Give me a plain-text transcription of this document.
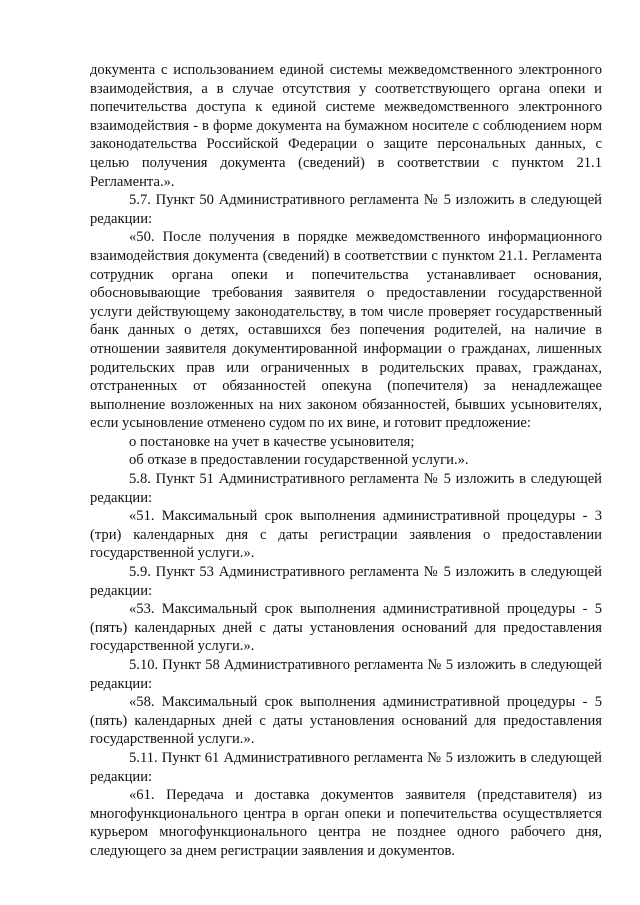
документа с использованием единой системы межведомственного электронного взаимодействия, а в случае отсутствия у соответствующего органа опеки и попечительства доступа к единой системе межведомственного электронного взаимодействия - в форме документа на бумажном носителе с соблюдением норм законодательства Российской Федерации о защите персональных данных, с целью получения документа (сведений) в соответствии с пунктом 21.1 Регламента.».

5.7. Пункт 50 Административного регламента № 5 изложить в следующей редакции:

«50. После получения в порядке межведомственного информационного взаимодействия документа (сведений) в соответствии с пунктом 21.1. Регламента сотрудник органа опеки и попечительства устанавливает основания, обосновывающие требования заявителя о предоставлении государственной услуги действующему законодательству, в том числе проверяет государственный банк данных о детях, оставшихся без попечения родителей, на наличие в отношении заявителя документированной информации о гражданах, лишенных родительских прав или ограниченных в родительских правах, гражданах, отстраненных от обязанностей опекуна (попечителя) за ненадлежащее выполнение возложенных на них законом обязанностей, бывших усыновителях, если усыновление отменено судом по их вине, и готовит предложение:

о постановке на учет в качестве усыновителя;

об отказе в предоставлении государственной услуги.».

5.8. Пункт 51 Административного регламента № 5 изложить в следующей редакции:

«51. Максимальный срок выполнения административной процедуры - 3 (три) календарных дня с даты регистрации заявления о предоставлении государственной услуги.».

5.9. Пункт 53 Административного регламента № 5 изложить в следующей редакции:

«53. Максимальный срок выполнения административной процедуры - 5 (пять) календарных дней с даты установления оснований для предоставления государственной услуги.».

5.10. Пункт 58 Административного регламента № 5 изложить в следующей редакции:

«58. Максимальный срок выполнения административной процедуры - 5 (пять) календарных дней с даты установления оснований для предоставления государственной услуги.».

5.11. Пункт 61 Административного регламента № 5 изложить в следующей редакции:

«61. Передача и доставка документов заявителя (представителя) из многофункционального центра в орган опеки и попечительства осуществляется курьером многофункционального центра не позднее одного рабочего дня, следующего за днем регистрации заявления и документов.
